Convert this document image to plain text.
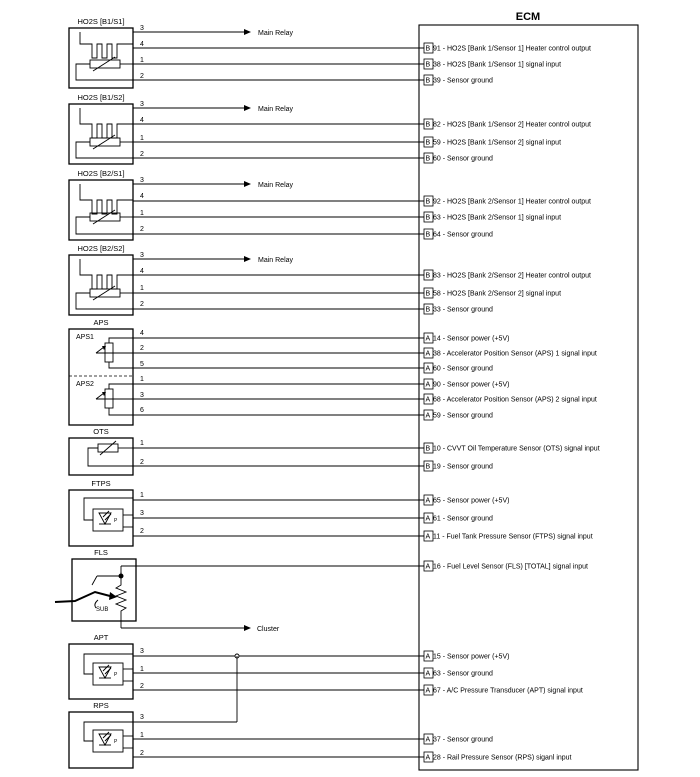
ECM
HO2S [B1/S1]
Main Relay
3
4
1
2
HO2S [B1/S2]
Main Relay
3
4
1
2
HO2S [B2/S1]
Main Relay
3
4
1
2
HO2S [B2/S2]
Main Relay
3
4
1
2
APS
APS1
APS2
4
2
5
1
3
6
OTS
1
2
FTPS
P
1
3
2
FLS
SUB
Cluster
APT
P
3
1
2
RPS
P
3
1
2
B 91 - HO2S [Bank 1/Sensor 1] Heater control output
B 38 - HO2S [Bank 1/Sensor 1] signal input
B 39 - Sensor ground
B 82 - HO2S [Bank 1/Sensor 2] Heater control output
B 59 - HO2S [Bank 1/Sensor 2] signal input
B 60 - Sensor ground
B 92 - HO2S [Bank 2/Sensor 1] Heater control output
B 63 - HO2S [Bank 2/Sensor 1] signal input
B 64 - Sensor ground
B 83 - HO2S [Bank 2/Sensor 2] Heater control output
B 58 - HO2S [Bank 2/Sensor 2] signal input
B 33 - Sensor ground
A 14 - Sensor power (+5V)
A 38 - Accelerator Position Sensor (APS) 1 signal input
A 60 - Sensor ground
A 90 - Sensor power (+5V)
A 68 - Accelerator Position Sensor (APS) 2 signal input
A 59 - Sensor ground
B 10 - CVVT Oil Temperature Sensor (OTS) signal input
B 19 - Sensor ground
A 65 - Sensor power (+5V)
A 61 - Sensor ground
A 11 - Fuel Tank Pressure Sensor (FTPS) signal input
A 16 - Fuel Level Sensor (FLS) [TOTAL] signal input
A 15 - Sensor power (+5V)
A 63 - Sensor ground
A 67 - A/C Pressure Transducer (APT) signal input
A 37 - Sensor ground
A 28 - Rail Pressure Sensor (RPS) siganl input
